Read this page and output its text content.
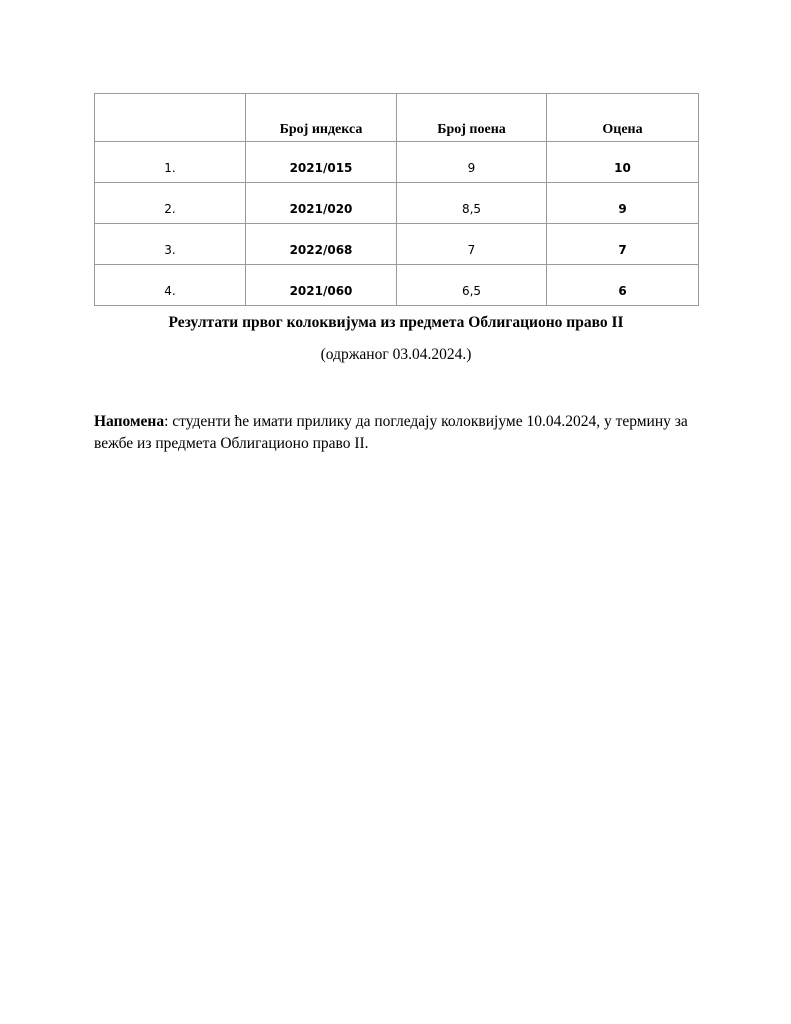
	Број индекса	Број поена	Оцена
1.	2021/015	9	10
2.	2021/020	8,5	9
3.	2022/068	7	7
4.	2021/060	6,5	6
Резултати првог колоквијума из предмета Облигационо право II
(одржаног 03.04.2024.)
Напомена: студенти ће имати прилику да погледају колоквијуме 10.04.2024, у термину за вежбе из предмета Облигационо право II.
